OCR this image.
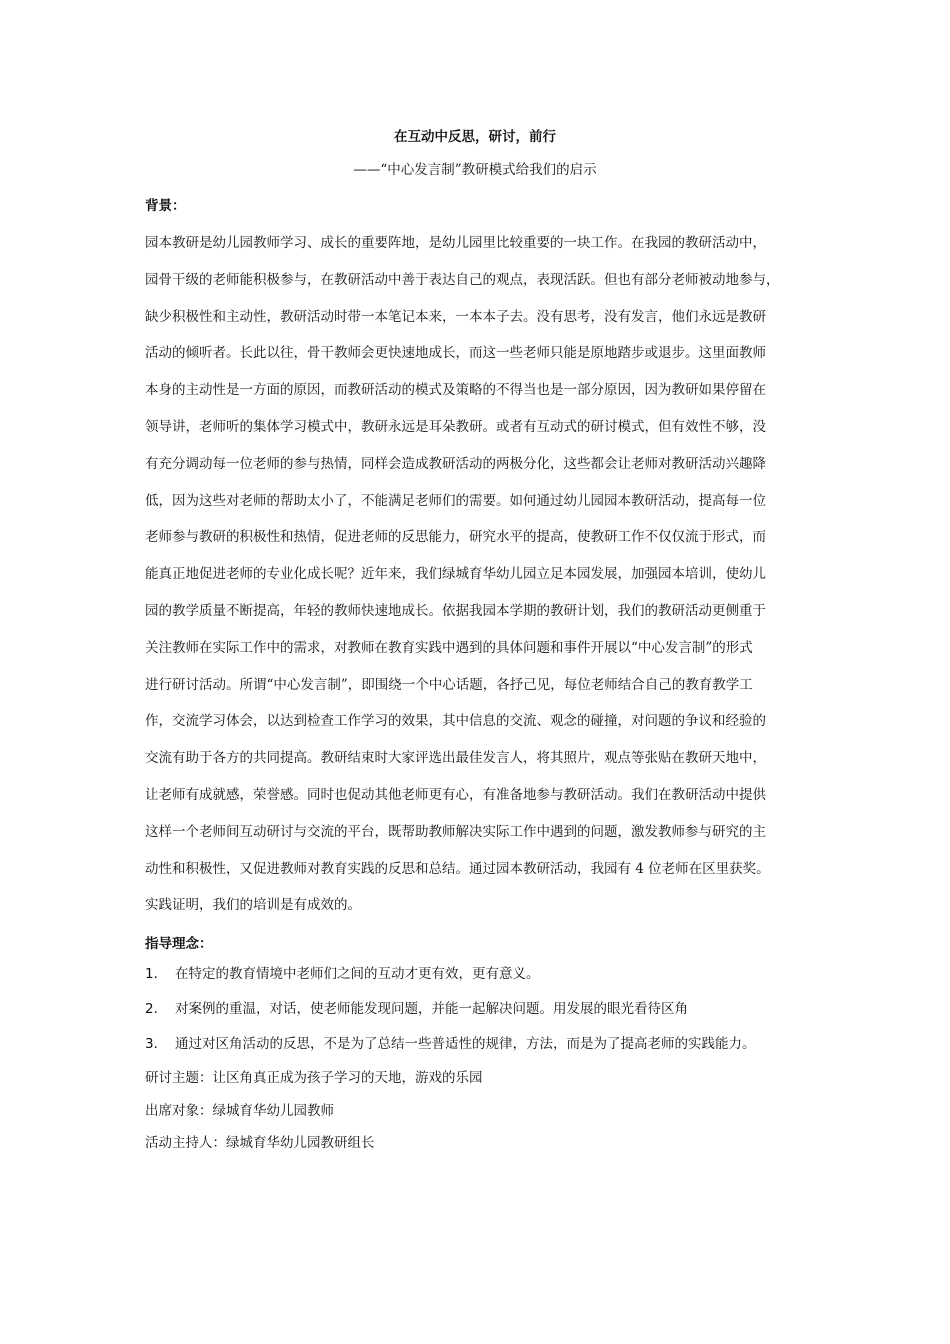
在互动中反思，研讨，前行
——“中心发言制”教研模式给我们的启示
背景：
园本教研是幼儿园教师学习、成长的重要阵地，是幼儿园里比较重要的一块工作。在我园的教研活动中，
园骨干级的老师能积极参与，在教研活动中善于表达自己的观点，表现活跃。但也有部分老师被动地参与，
缺少积极性和主动性，教研活动时带一本笔记本来，一本本子去。没有思考，没有发言，他们永远是教研
活动的倾听者。长此以往，骨干教师会更快速地成长，而这一些老师只能是原地踏步或退步。这里面教师
本身的主动性是一方面的原因，而教研活动的模式及策略的不得当也是一部分原因，因为教研如果停留在
领导讲，老师听的集体学习模式中，教研永远是耳朵教研。或者有互动式的研讨模式，但有效性不够，没
有充分调动每一位老师的参与热情，同样会造成教研活动的两极分化，这些都会让老师对教研活动兴趣降
低，因为这些对老师的帮助太小了，不能满足老师们的需要。如何通过幼儿园园本教研活动，提高每一位
老师参与教研的积极性和热情，促进老师的反思能力，研究水平的提高，使教研工作不仅仅流于形式，而
能真正地促进老师的专业化成长呢？近年来，我们绿城育华幼儿园立足本园发展，加强园本培训，使幼儿
园的教学质量不断提高，年轻的教师快速地成长。依据我园本学期的教研计划，我们的教研活动更侧重于
关注教师在实际工作中的需求，对教师在教育实践中遇到的具体问题和事件开展以“中心发言制”的形式
进行研讨活动。所谓“中心发言制”，即围绕一个中心话题，各抒己见，每位老师结合自己的教育教学工
作，交流学习体会，以达到检查工作学习的效果，其中信息的交流、观念的碰撞，对问题的争议和经验的
交流有助于各方的共同提高。教研结束时大家评选出最佳发言人，将其照片，观点等张贴在教研天地中，
让老师有成就感，荣誉感。同时也促动其他老师更有心，有准备地参与教研活动。我们在教研活动中提供
这样一个老师间互动研讨与交流的平台，既帮助教师解决实际工作中遇到的问题，激发教师参与研究的主
动性和积极性，又促进教师对教育实践的反思和总结。通过园本教研活动，我园有 4 位老师在区里获奖。
实践证明，我们的培训是有成效的。
指导理念：
1． 在特定的教育情境中老师们之间的互动才更有效，更有意义。
2． 对案例的重温，对话，使老师能发现问题，并能一起解决问题。用发展的眼光看待区角
3． 通过对区角活动的反思，不是为了总结一些普适性的规律，方法，而是为了提高老师的实践能力。
研讨主题：让区角真正成为孩子学习的天地，游戏的乐园
出席对象：绿城育华幼儿园教师
活动主持人：绿城育华幼儿园教研组长
